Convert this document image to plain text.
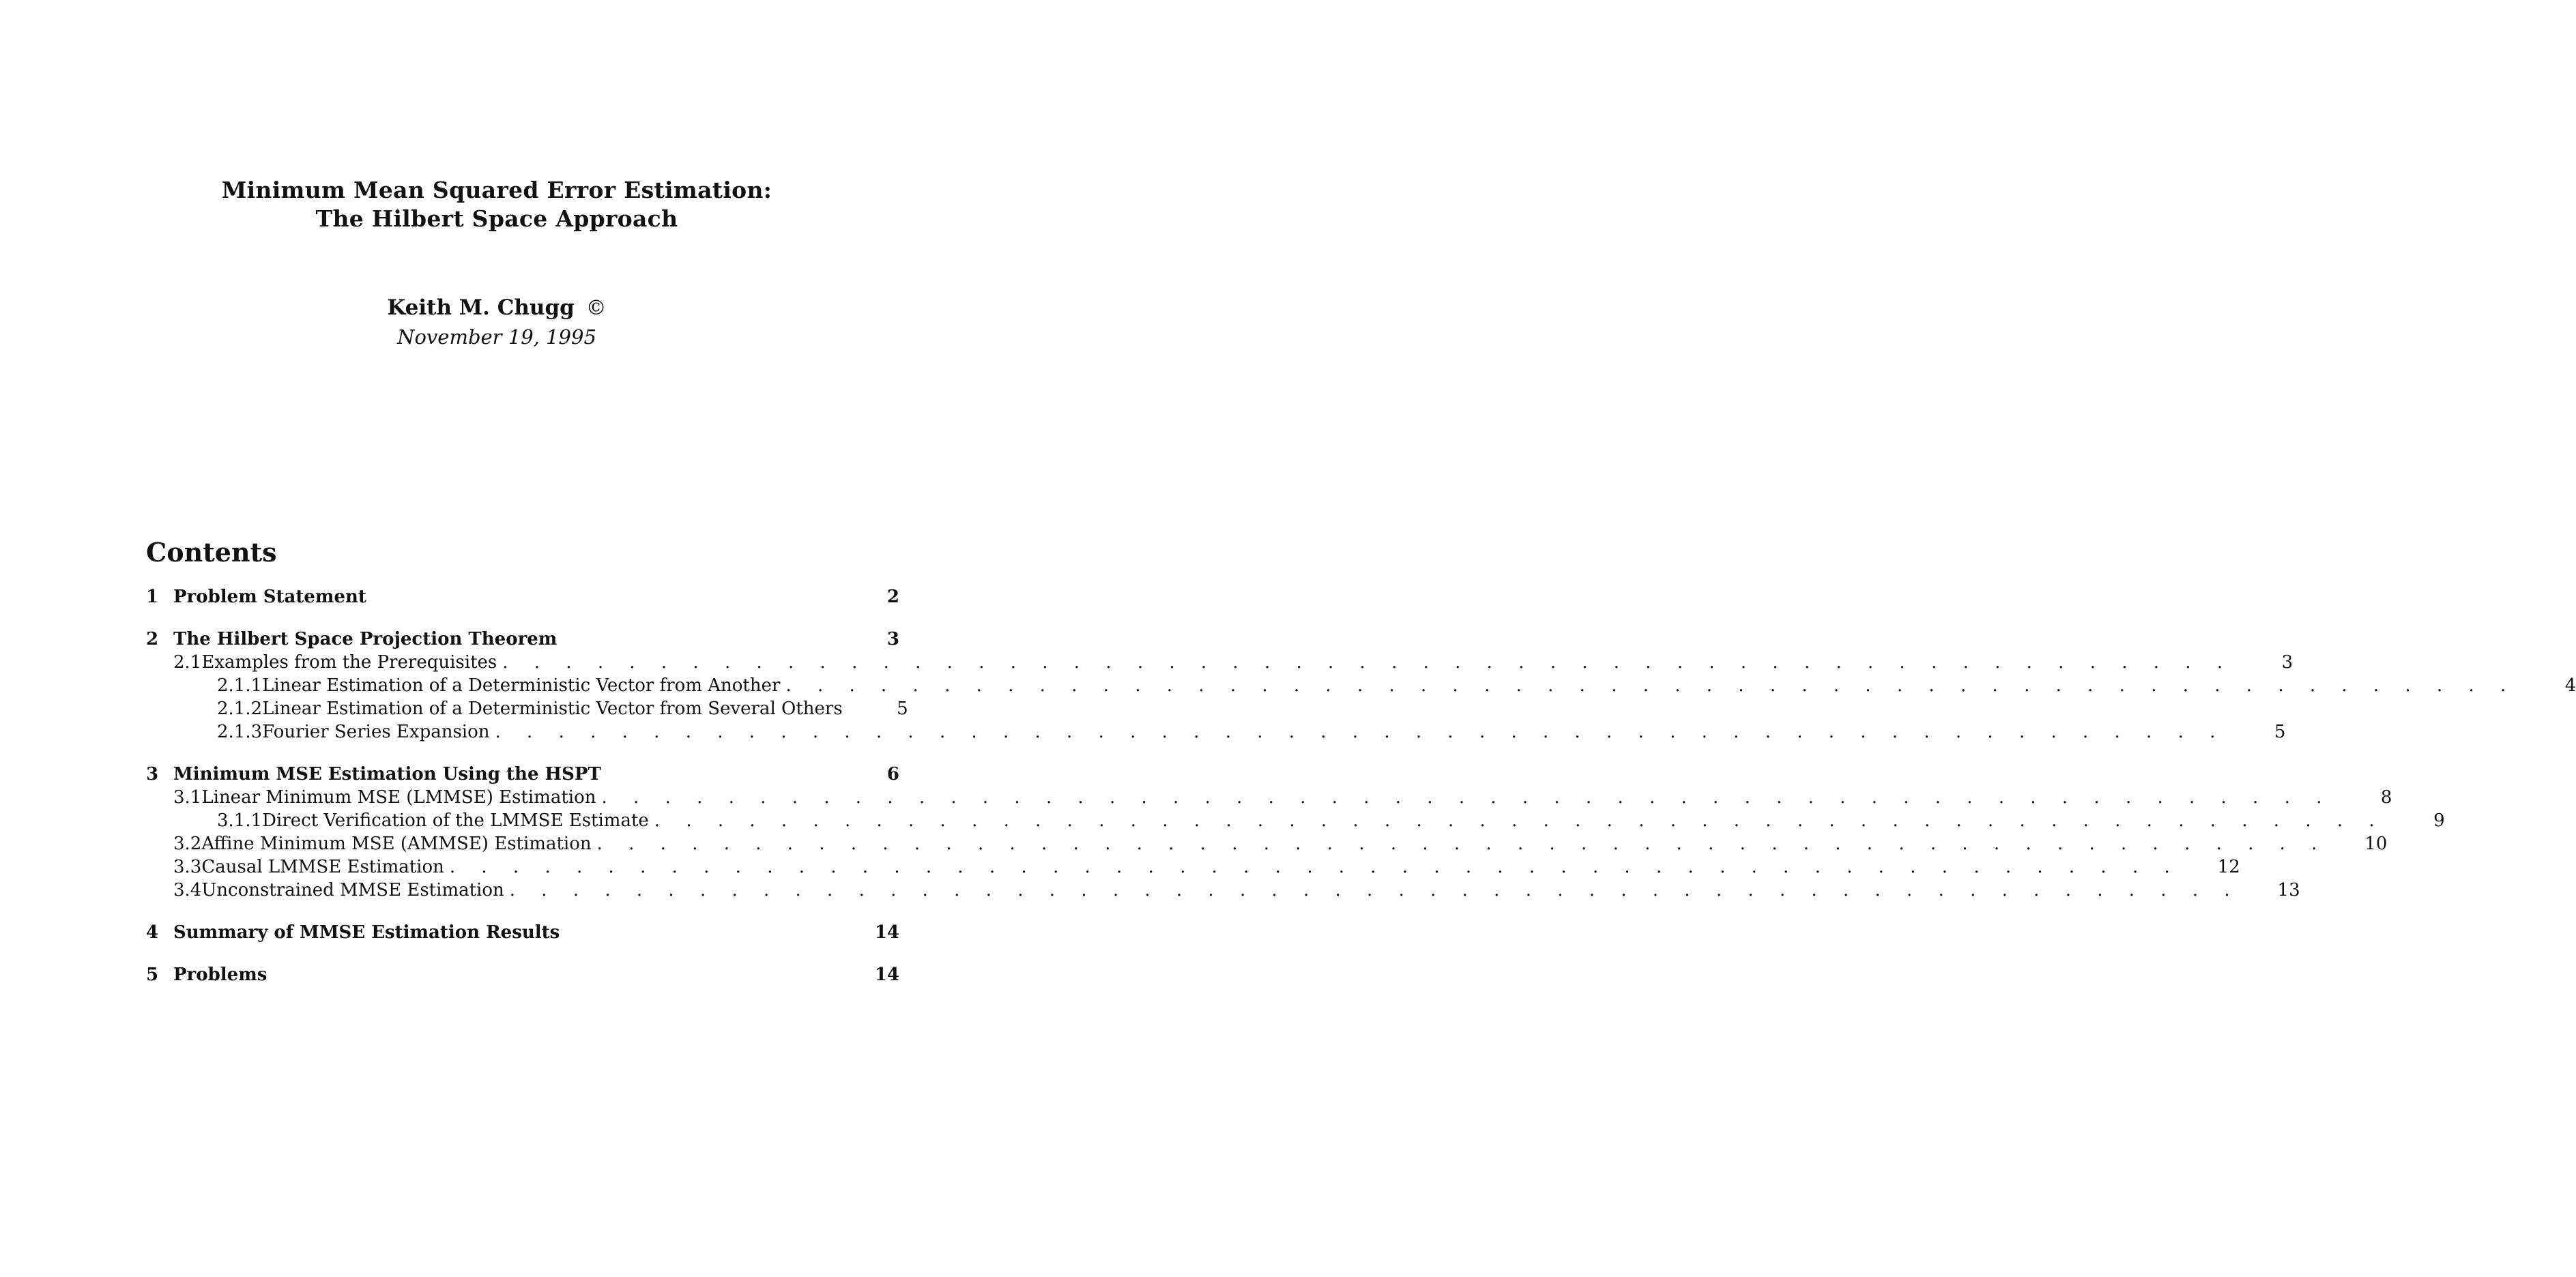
Minimum Mean Squared Error Estimation:
The Hilbert Space Approach
Keith M. Chugg ©
November 19, 1995
Contents
1 Problem Statement	2
2 The Hilbert Space Projection Theorem	3
2.1 Examples from the Prerequisites . . . . . . . . . . . . . . . . . . . . . . . . . . . . . . . . . . . . . . . . . . . . . . . . . . . . . . .	3
2.1.1 Linear Estimation of a Deterministic Vector from Another . . . . . . . . . . . . . . . . . . . . . . . . . . . . . . . . . . . . . . . . . . . . . . . . . . . . . . .	4
2.1.2 Linear Estimation of a Deterministic Vector from Several Others	5
2.1.3 Fourier Series Expansion . . . . . . . . . . . . . . . . . . . . . . . . . . . . . . . . . . . . . . . . . . . . . . . . . . . . . . .	5
3 Minimum MSE Estimation Using the HSPT	6
3.1 Linear Minimum MSE (LMMSE) Estimation . . . . . . . . . . . . . . . . . . . . . . . . . . . . . . . . . . . . . . . . . . . . . . . . . . . . . . .	8
3.1.1 Direct Verification of the LMMSE Estimate . . . . . . . . . . . . . . . . . . . . . . . . . . . . . . . . . . . . . . . . . . . . . . . . . . . . . . .	9
3.2 Affine Minimum MSE (AMMSE) Estimation . . . . . . . . . . . . . . . . . . . . . . . . . . . . . . . . . . . . . . . . . . . . . . . . . . . . . . .	10
3.3 Causal LMMSE Estimation . . . . . . . . . . . . . . . . . . . . . . . . . . . . . . . . . . . . . . . . . . . . . . . . . . . . . . .	12
3.4 Unconstrained MMSE Estimation . . . . . . . . . . . . . . . . . . . . . . . . . . . . . . . . . . . . . . . . . . . . . . . . . . . . . . .	13
4 Summary of MMSE Estimation Results	14
5 Problems	14
